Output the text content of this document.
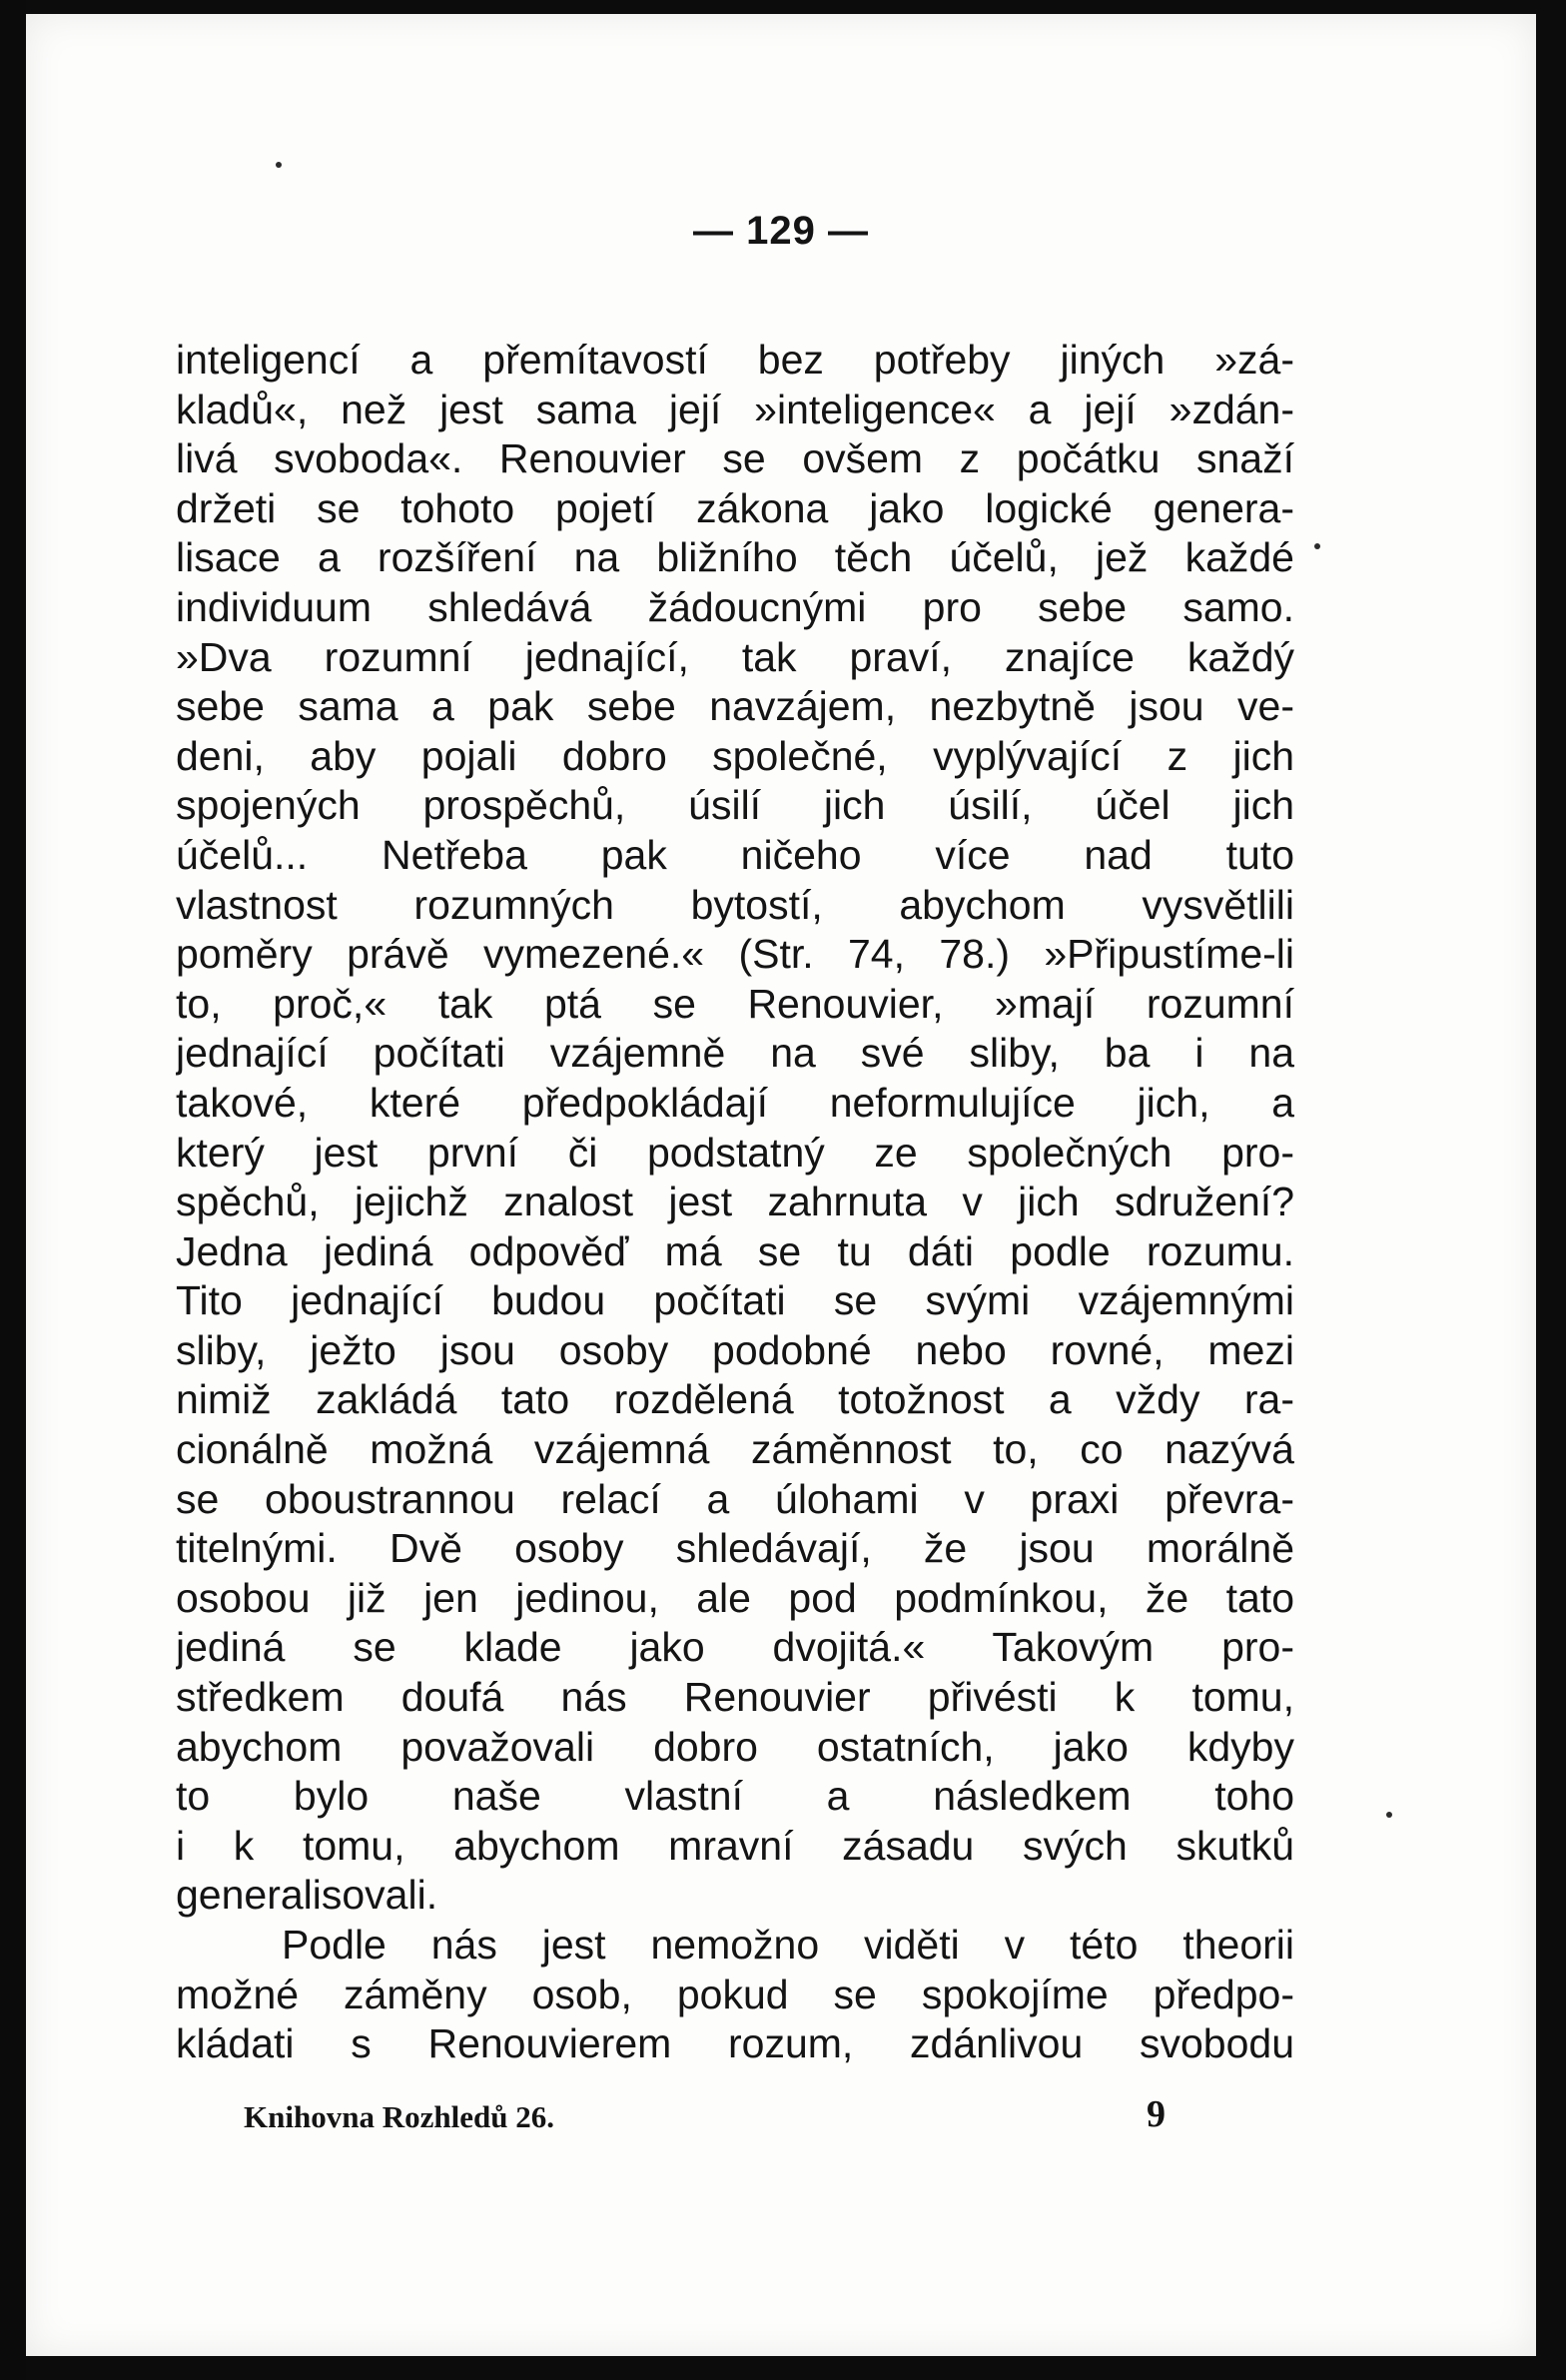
— 129 —
inteligencí a přemítavostí bez potřeby jiných »zá-
kladů«, než jest sama její »inteligence« a její »zdán-
livá svoboda«. Renouvier se ovšem z počátku snaží
držeti se tohoto pojetí zákona jako logické genera-
lisace a rozšíření na bližního těch účelů, jež každé
individuum shledává žádoucnými pro sebe samo.
»Dva rozumní jednající, tak praví, znajíce každý
sebe sama a pak sebe navzájem, nezbytně jsou ve-
deni, aby pojali dobro společné, vyplývající z jich
spojených prospěchů, úsilí jich úsilí, účel jich
účelů... Netřeba pak ničeho více nad tuto
vlastnost rozumných bytostí, abychom vysvětlili
poměry právě vymezené.« (Str. 74, 78.) »Připustíme-li
to, proč,« tak ptá se Renouvier, »mají rozumní
jednající počítati vzájemně na své sliby, ba i na
takové, které předpokládají neformulujíce jich, a
který jest první či podstatný ze společných pro-
spěchů, jejichž znalost jest zahrnuta v jich sdružení?
Jedna jediná odpověď má se tu dáti podle rozumu.
Tito jednající budou počítati se svými vzájemnými
sliby, ježto jsou osoby podobné nebo rovné, mezi
nimiž zakládá tato rozdělená totožnost a vždy ra-
cionálně možná vzájemná záměnnost to, co nazývá
se oboustrannou relací a úlohami v praxi převra-
titelnými. Dvě osoby shledávají, že jsou morálně
osobou již jen jedinou, ale pod podmínkou, že tato
jediná se klade jako dvojitá.« Takovým pro-
středkem doufá nás Renouvier přivésti k tomu,
abychom považovali dobro ostatních, jako kdyby
to bylo naše vlastní a následkem toho
i k tomu, abychom mravní zásadu svých skutků
generalisovali.
Podle nás jest nemožno viděti v této theorii
možné záměny osob, pokud se spokojíme předpo-
kládati s Renouvierem rozum, zdánlivou svobodu
Knihovna Rozhledů 26.	9
